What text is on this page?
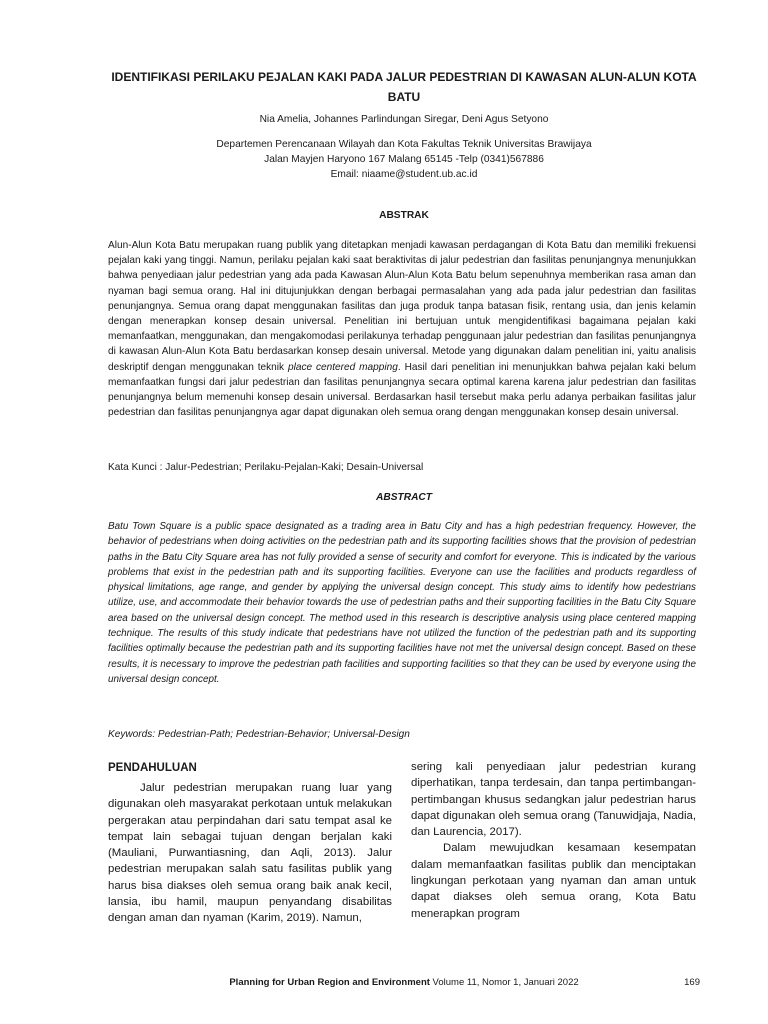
IDENTIFIKASI PERILAKU PEJALAN KAKI PADA JALUR PEDESTRIAN DI KAWASAN ALUN-ALUN KOTA BATU

Nia Amelia, Johannes Parlindungan Siregar, Deni Agus Setyono

Departemen Perencanaan Wilayah dan Kota Fakultas Teknik Universitas Brawijaya

Jalan Mayjen Haryono 167 Malang 65145 -Telp (0341)567886

Email: niaame@student.ub.ac.id

ABSTRAK

Alun-Alun Kota Batu merupakan ruang publik yang ditetapkan menjadi kawasan perdagangan di Kota Batu dan memiliki frekuensi pejalan kaki yang tinggi. Namun, perilaku pejalan kaki saat beraktivitas di jalur pedestrian dan fasilitas penunjangnya menunjukkan bahwa penyediaan jalur pedestrian yang ada pada Kawasan Alun-Alun Kota Batu belum sepenuhnya memberikan rasa aman dan nyaman bagi semua orang. Hal ini ditujunjukkan dengan berbagai permasalahan yang ada pada jalur pedestrian dan fasilitas penunjangnya. Semua orang dapat menggunakan fasilitas dan juga produk tanpa batasan fisik, rentang usia, dan jenis kelamin dengan menerapkan konsep desain universal. Penelitian ini bertujuan untuk mengidentifikasi bagaimana pejalan kaki memanfaatkan, menggunakan, dan mengakomodasi perilakunya terhadap penggunaan jalur pedestrian dan fasilitas penunjangnya di kawasan Alun-Alun Kota Batu berdasarkan konsep desain universal. Metode yang digunakan dalam penelitian ini, yaitu analisis deskriptif dengan menggunakan teknik place centered mapping. Hasil dari penelitian ini menunjukkan bahwa pejalan kaki belum memanfaatkan fungsi dari jalur pedestrian dan fasilitas penunjangnya secara optimal karena karena jalur pedestrian dan fasilitas penunjangnya belum memenuhi konsep desain universal. Berdasarkan hasil tersebut maka perlu adanya perbaikan fasilitas jalur pedestrian dan fasilitas penunjangnya agar dapat digunakan oleh semua orang dengan menggunakan konsep desain universal.

Kata Kunci : Jalur-Pedestrian; Perilaku-Pejalan-Kaki; Desain-Universal

ABSTRACT

Batu Town Square is a public space designated as a trading area in Batu City and has a high pedestrian frequency. However, the behavior of pedestrians when doing activities on the pedestrian path and its supporting facilities shows that the provision of pedestrian paths in the Batu City Square area has not fully provided a sense of security and comfort for everyone. This is indicated by the various problems that exist in the pedestrian path and its supporting facilities. Everyone can use the facilities and products regardless of physical limitations, age range, and gender by applying the universal design concept. This study aims to identify how pedestrians utilize, use, and accommodate their behavior towards the use of pedestrian paths and their supporting facilities in the Batu City Square area based on the universal design concept. The method used in this research is descriptive analysis using place centered mapping technique. The results of this study indicate that pedestrians have not utilized the function of the pedestrian path and its supporting facilities optimally because the pedestrian path and its supporting facilities have not met the universal design concept. Based on these results, it is necessary to improve the pedestrian path facilities and supporting facilities so that they can be used by everyone using the universal design concept.

Keywords: Pedestrian-Path; Pedestrian-Behavior; Universal-Design

PENDAHULUAN

Jalur pedestrian merupakan ruang luar yang digunakan oleh masyarakat perkotaan untuk melakukan pergerakan atau perpindahan dari satu tempat asal ke tempat lain sebagai tujuan dengan berjalan kaki (Mauliani, Purwantiasning, dan Aqli, 2013). Jalur pedestrian merupakan salah satu fasilitas publik yang harus bisa diakses oleh semua orang baik anak kecil, lansia, ibu hamil, maupun penyandang disabilitas dengan aman dan nyaman (Karim, 2019). Namun,

sering kali penyediaan jalur pedestrian kurang diperhatikan, tanpa terdesain, dan tanpa pertimbangan-pertimbangan khusus sedangkan jalur pedestrian harus dapat digunakan oleh semua orang (Tanuwidjaja, Nadia, dan Laurencia, 2017).

Dalam mewujudkan kesamaan kesempatan dalam memanfaatkan fasilitas publik dan menciptakan lingkungan perkotaan yang nyaman dan aman untuk dapat diakses oleh semua orang, Kota Batu menerapkan program

Planning for Urban Region and Environment Volume 11, Nomor 1, Januari 2022	169
